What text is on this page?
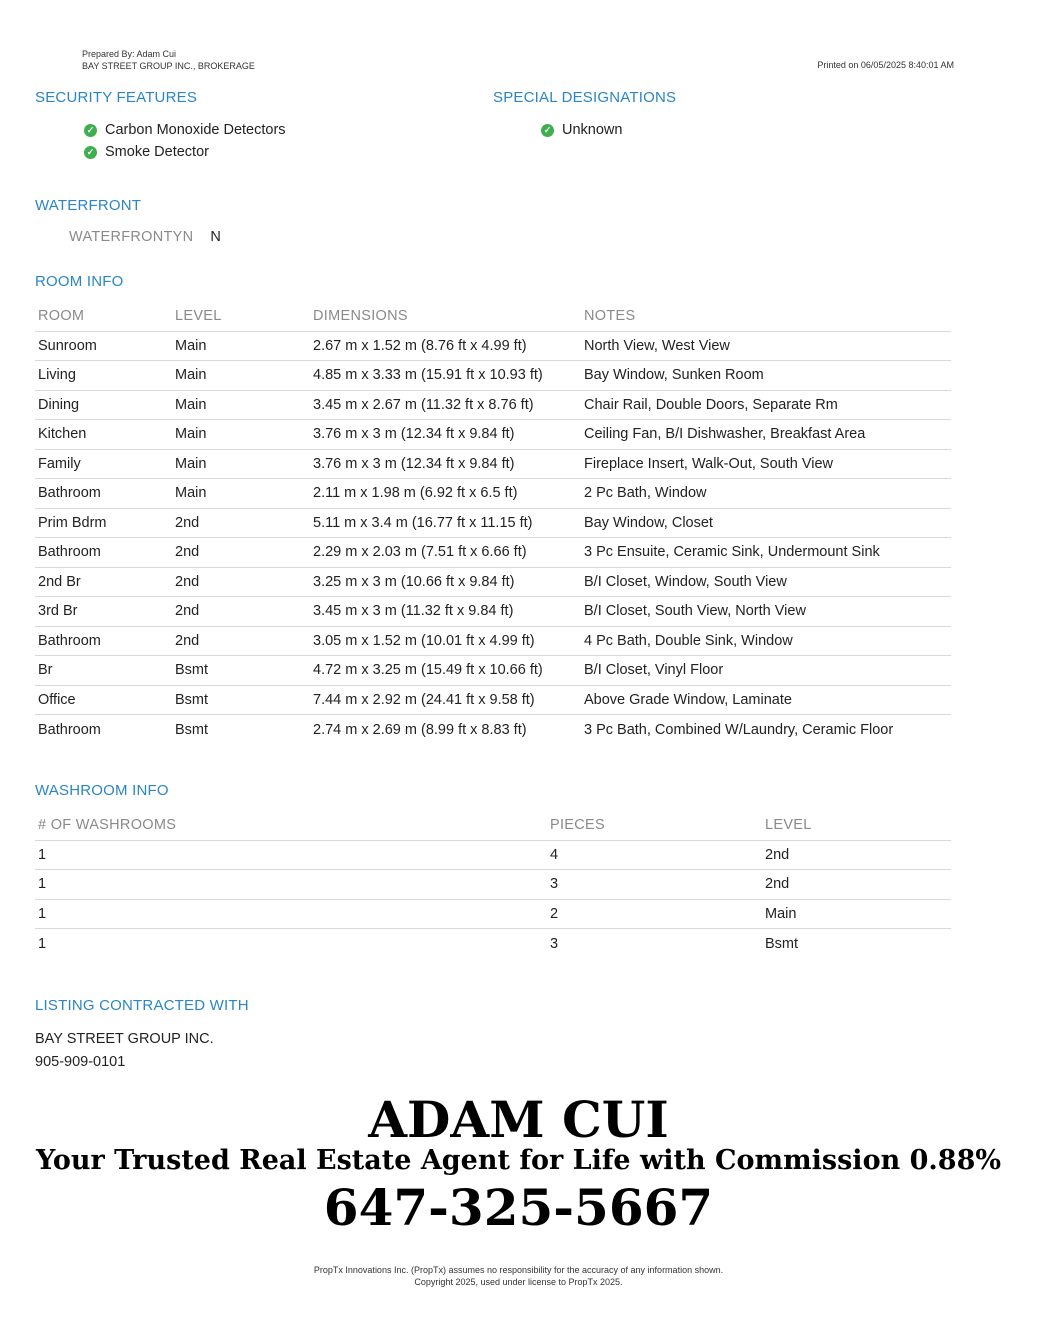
Prepared By: Adam Cui
BAY STREET GROUP INC., BROKERAGE	Printed on 06/05/2025 8:40:01 AM
SECURITY FEATURES
✓ Carbon Monoxide Detectors
✓ Smoke Detector
SPECIAL DESIGNATIONS
✓ Unknown
WATERFRONT
WATERFRONTYN N
ROOM INFO
ROOM	LEVEL	DIMENSIONS	NOTES
Sunroom	Main	2.67 m x 1.52 m (8.76 ft x 4.99 ft)	North View, West View
Living	Main	4.85 m x 3.33 m (15.91 ft x 10.93 ft)	Bay Window, Sunken Room
Dining	Main	3.45 m x 2.67 m (11.32 ft x 8.76 ft)	Chair Rail, Double Doors, Separate Rm
Kitchen	Main	3.76 m x 3 m (12.34 ft x 9.84 ft)	Ceiling Fan, B/I Dishwasher, Breakfast Area
Family	Main	3.76 m x 3 m (12.34 ft x 9.84 ft)	Fireplace Insert, Walk-Out, South View
Bathroom	Main	2.11 m x 1.98 m (6.92 ft x 6.5 ft)	2 Pc Bath, Window
Prim Bdrm	2nd	5.11 m x 3.4 m (16.77 ft x 11.15 ft)	Bay Window, Closet
Bathroom	2nd	2.29 m x 2.03 m (7.51 ft x 6.66 ft)	3 Pc Ensuite, Ceramic Sink, Undermount Sink
2nd Br	2nd	3.25 m x 3 m (10.66 ft x 9.84 ft)	B/I Closet, Window, South View
3rd Br	2nd	3.45 m x 3 m (11.32 ft x 9.84 ft)	B/I Closet, South View, North View
Bathroom	2nd	3.05 m x 1.52 m (10.01 ft x 4.99 ft)	4 Pc Bath, Double Sink, Window
Br	Bsmt	4.72 m x 3.25 m (15.49 ft x 10.66 ft)	B/I Closet, Vinyl Floor
Office	Bsmt	7.44 m x 2.92 m (24.41 ft x 9.58 ft)	Above Grade Window, Laminate
Bathroom	Bsmt	2.74 m x 2.69 m (8.99 ft x 8.83 ft)	3 Pc Bath, Combined W/Laundry, Ceramic Floor
WASHROOM INFO
# OF WASHROOMS	PIECES	LEVEL
1	4	2nd
1	3	2nd
1	2	Main
1	3	Bsmt
LISTING CONTRACTED WITH
BAY STREET GROUP INC.
905-909-0101
ADAM CUI
Your Trusted Real Estate Agent for Life with Commission 0.88%
647-325-5667
PropTx Innovations Inc. (PropTx) assumes no responsibility for the accuracy of any information shown.
Copyright 2025, used under license to PropTx 2025.
